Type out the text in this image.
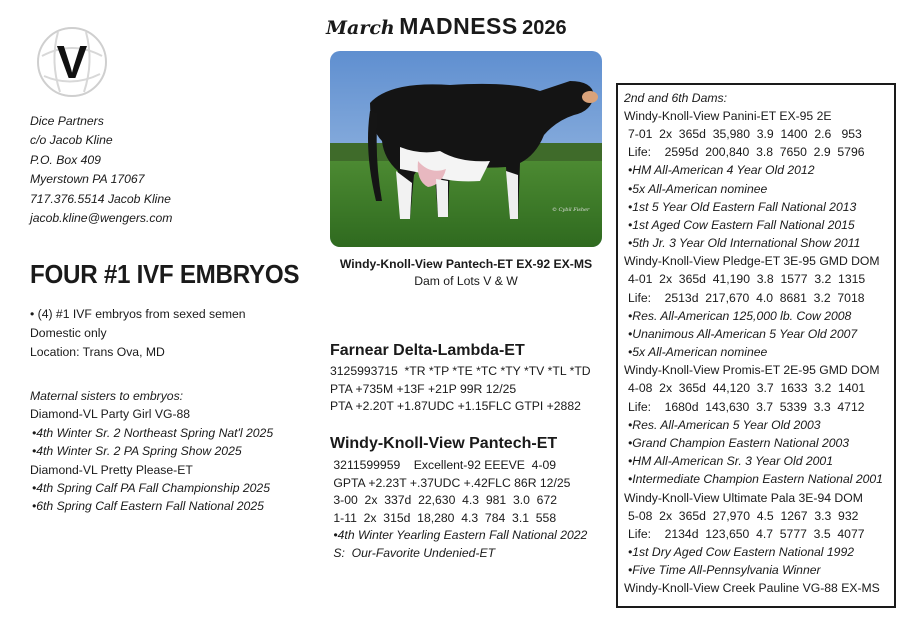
V
Dice Partners
c/o Jacob Kline
P.O. Box 409
Myerstown PA 17067
717.376.5514 Jacob Kline
jacob.kline@wengers.com
FOUR #1 IVF EMBRYOS
• (4) #1 IVF embryos from sexed semen
Domestic only
Location: Trans Ova, MD
Maternal sisters to embryos:
Diamond-VL Party Girl VG-88
•4th Winter Sr. 2 Northeast Spring Nat'l 2025
•4th Winter Sr. 2 PA Spring Show 2025
Diamond-VL Pretty Please-ET
•4th Spring Calf PA Fall Championship 2025
•6th Spring Calf Eastern Fall National 2025
March MADNESS 2026
© Cybil Fisher
Windy-Knoll-View Pantech-ET EX-92 EX-MS
Dam of Lots V & W
Farnear Delta-Lambda-ET
3125993715  *TR *TP *TE *TC *TY *TV *TL *TD
PTA +735M +13F +21P 99R 12/25
PTA +2.20T +1.87UDC +1.15FLC GTPI +2882
Windy-Knoll-View Pantech-ET
3211599959    Excellent-92 EEEVE  4-09
GPTA +2.23T +.37UDC +.42FLC 86R 12/25
3-00  2x  337d  22,630  4.3  981  3.0  672
1-11  2x  315d  18,280  4.3  784  3.1  558
•4th Winter Yearling Eastern Fall National 2022
S:  Our-Favorite Undenied-ET
2nd and 6th Dams:
Windy-Knoll-View Panini-ET EX-95 2E
7-01  2x  365d  35,980  3.9  1400  2.6   953
Life:    2595d  200,840  3.8  7650  2.9  5796
•HM All-American 4 Year Old 2012
•5x All-American nominee
•1st 5 Year Old Eastern Fall National 2013
•1st Aged Cow Eastern Fall National 2015
•5th Jr. 3 Year Old International Show 2011
Windy-Knoll-View Pledge-ET 3E-95 GMD DOM
4-01  2x  365d  41,190  3.8  1577  3.2  1315
Life:    2513d  217,670  4.0  8681  3.2  7018
•Res. All-American 125,000 lb. Cow 2008
•Unanimous All-American 5 Year Old 2007
•5x All-American nominee
Windy-Knoll-View Promis-ET 2E-95 GMD DOM
4-08  2x  365d  44,120  3.7  1633  3.2  1401
Life:    1680d  143,630  3.7  5339  3.3  4712
•Res. All-American 5 Year Old 2003
•Grand Champion Eastern National 2003
•HM All-American Sr. 3 Year Old 2001
•Intermediate Champion Eastern National 2001
Windy-Knoll-View Ultimate Pala 3E-94 DOM
5-08  2x  365d  27,970  4.5  1267  3.3  932
Life:    2134d  123,650  4.7  5777  3.5  4077
•1st Dry Aged Cow Eastern National 1992
•Five Time All-Pennsylvania Winner
Windy-Knoll-View Creek Pauline VG-88 EX-MS
